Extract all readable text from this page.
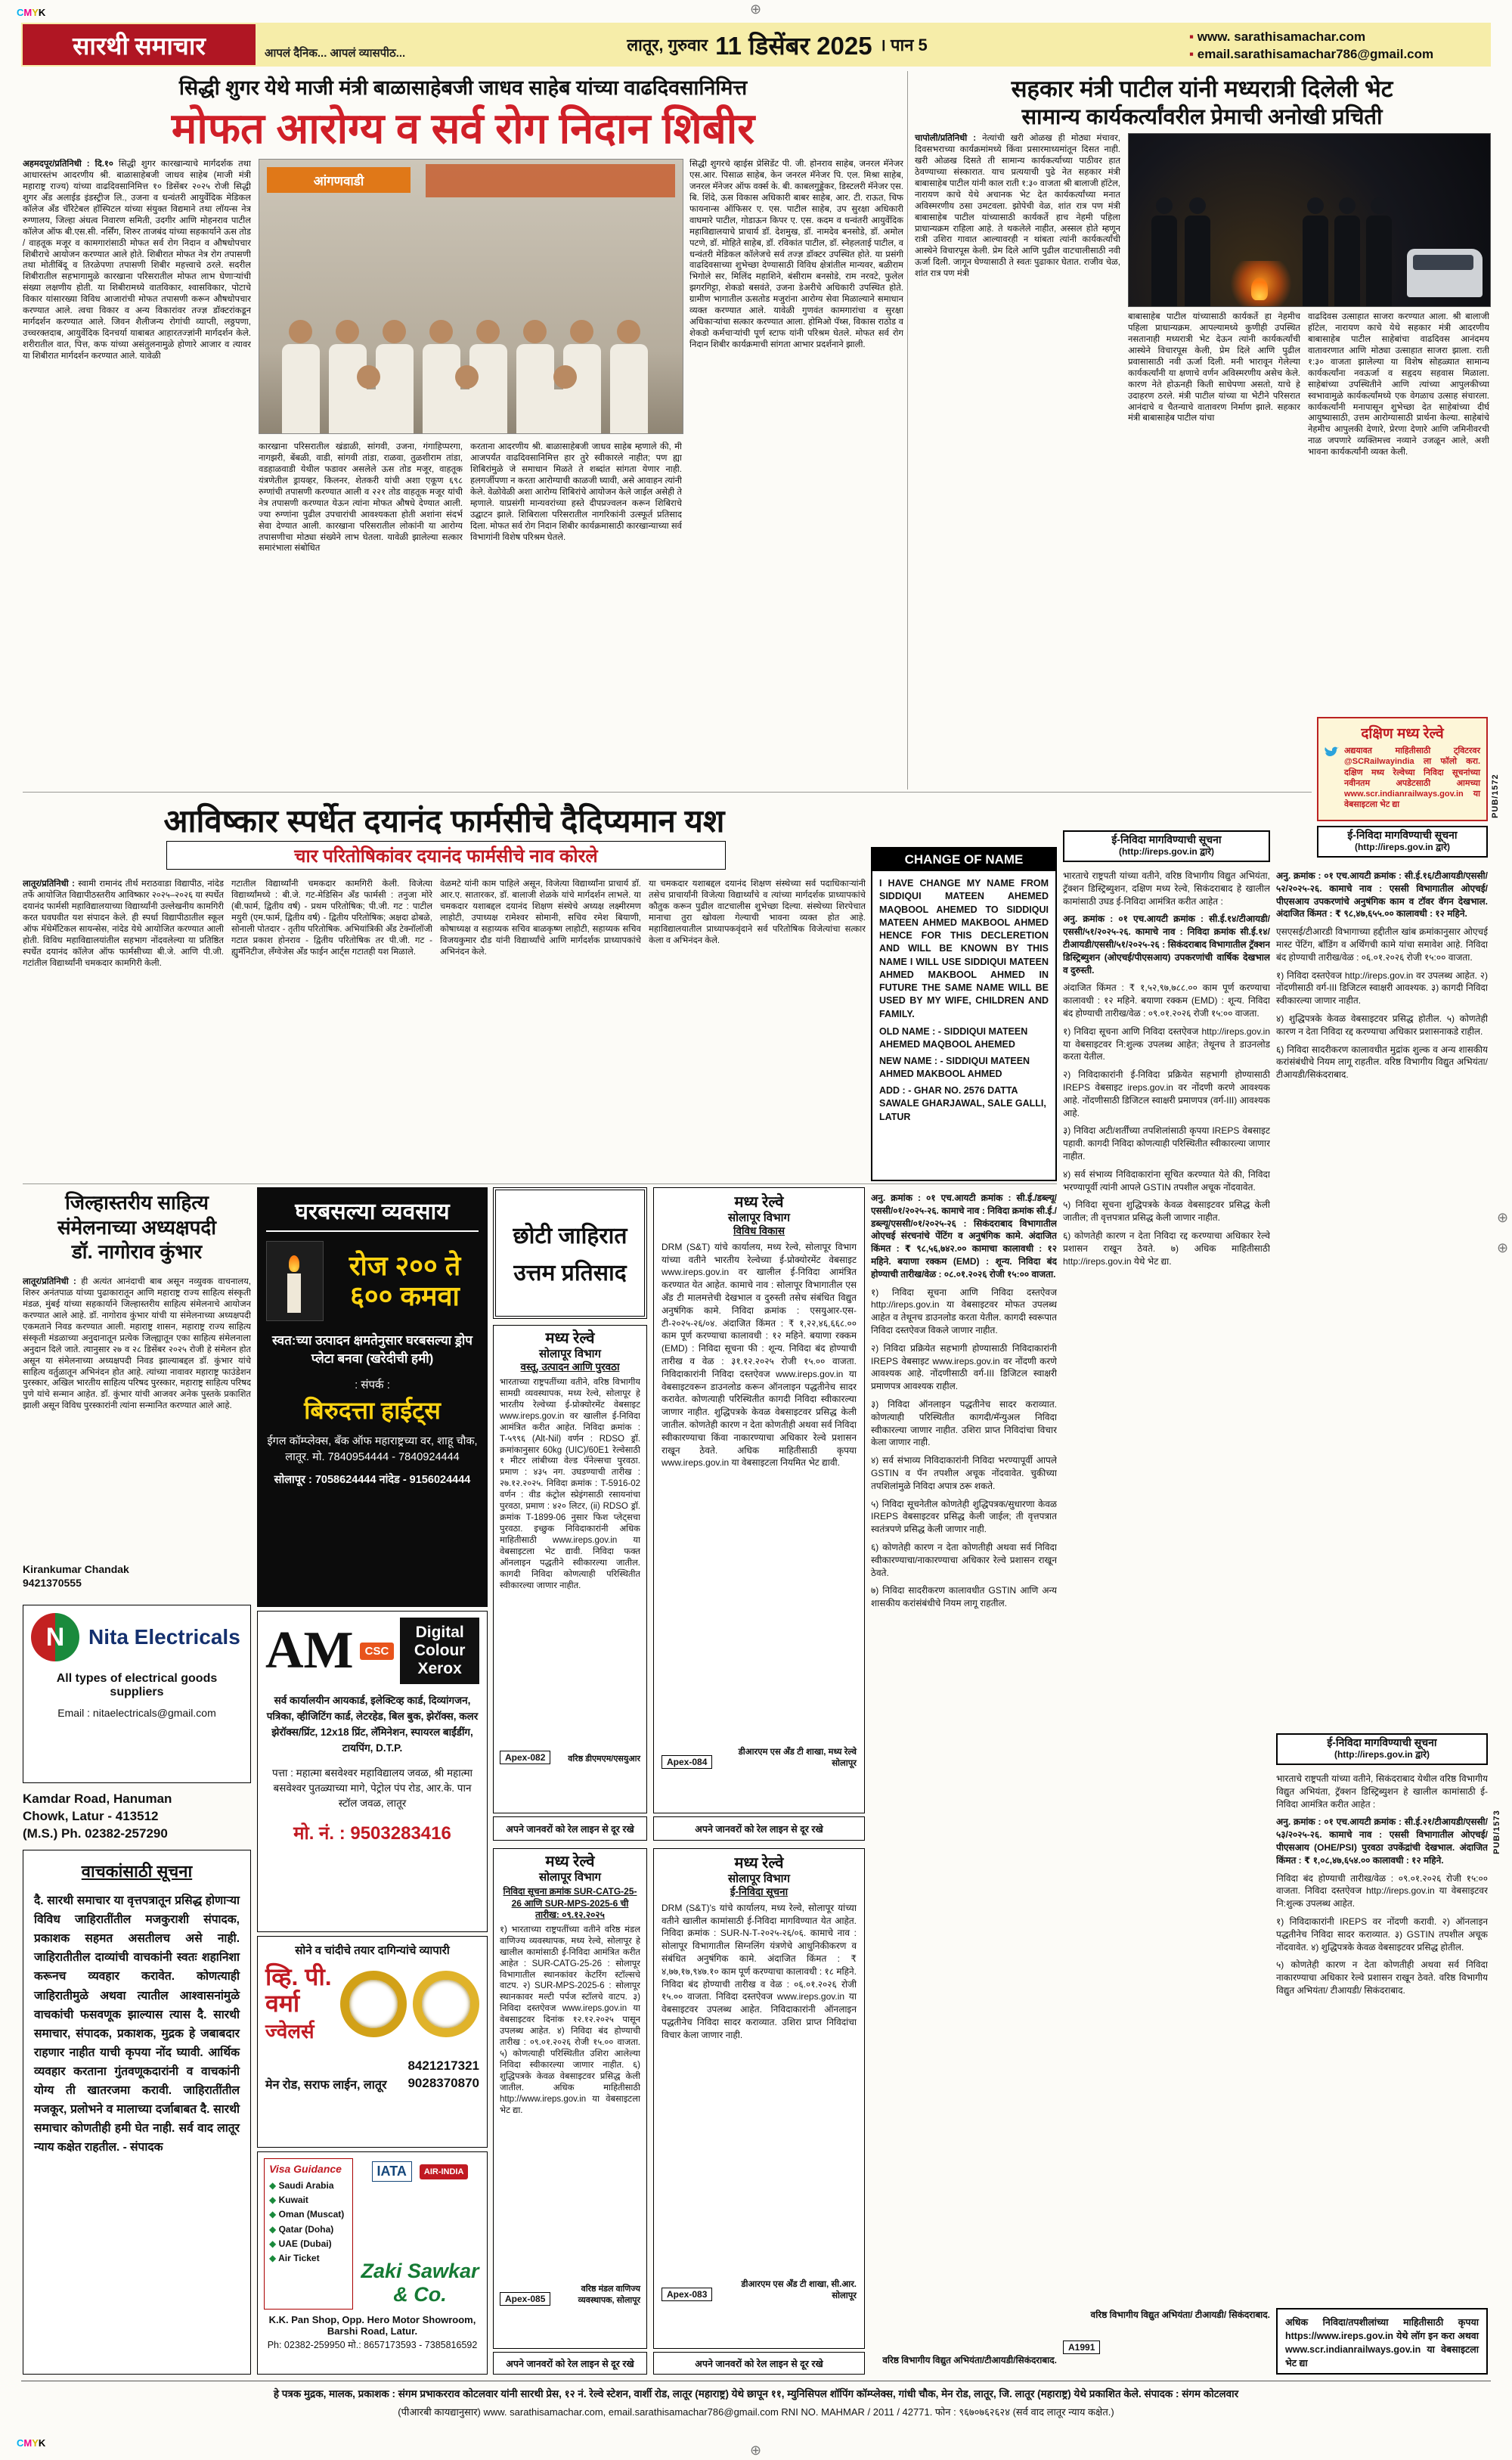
CMYK
CMYK
⊕
⊕
⊕
⊕
सारथी समाचार	आपलं दैनिक... आपलं व्यासपीठ...	लातूर, गुरुवार 11 डिसेंबर 2025 । पान 5	▪ www. sarathisamachar.com
▪ email.sarathisamachar786@gmail.com
सिद्धी शुगर येथे माजी मंत्री बाळासाहेबजी जाधव साहेब यांच्या वाढदिवसानिमित्त
मोफत आरोग्य व सर्व रोग निदान शिबीर
आंगणवाडी
अहमदपूर/प्रतिनिधी : दि.१० सिद्धी शुगर कारखान्याचे मार्गदर्शक तथा आधारस्तंभ आदरणीय श्री. बाळासाहेबजी जाधव साहेब (माजी मंत्री महाराष्ट्र राज्य) यांच्या वाढदिवसानिमित्त १० डिसेंबर २०२५ रोजी सिद्धी शुगर अँड अलाईड इंडस्ट्रीज लि., उजना व धन्वंतरी आयुर्वेदिक मेडिकल कॉलेज अँड चॅरिटेबल हॉस्पिटल यांच्या संयुक्त विद्यमाने तथा लॉयन्स नेत्र रुग्णालय, जिल्हा अंधत्व निवारण समिती, उदगीर आणि मोहनराव पाटील कॉलेज ऑफ बी.एस.सी. नर्सिंग, शिरुर ताजबंद यांच्या सहकार्याने ऊस तोड / वाहतूक मजूर व कामगारांसाठी मोफत सर्व रोग निदान व औषधोपचार शिबीराचे आयोजन करण्यात आले होते. शिबीरात मोफत नेत्र रोग तपासणी तथा मोतीबिंदू व तिरळेपणा तपासणी शिबीर महत्त्वाचे ठरले. सदरील शिबीरातील सहभागामुळे कारखाना परिसरातील मोफत लाभ घेणाऱ्यांची संख्या लक्षणीय होती. या शिबीरामध्ये वातविकार, श्वासविकार, पोटाचे विकार यांसारख्या विविध आजारांची मोफत तपासणी करून औषधोपचार करण्यात आले. त्वचा विकार व अन्य विकारांवर तज्ज्ञ डॉक्टरांकडून मार्गदर्शन करण्यात आले. जिवन शैलीजन्य रोगांची व्याप्ती, लठ्ठपणा, उच्चरक्तदाब, आयुर्वेदिक दिनचर्या याबाबत आहारतज्ज्ञांनी मार्गदर्शन केले. शरीरातील वात, पित्त, कफ यांच्या असंतुलनामुळे होणारे आजार व त्यावर या शिबीरात मार्गदर्शन करण्यात आले. यावेळी
कारखाना परिसरातील खंडाळी, सांगवी, उजना, गंगाहिप्परगा, नागझरी, बेंबळी, वाडी, सांगवी तांडा, राळवा, तुळशीराम तांडा, वडहाळवाडी येथील फडावर असलेले ऊस तोड मजूर, वाहतूक यंत्रणेतील ड्रायव्हर, किलनर, शेतकरी यांची अशा एकूण ६९८ रुग्णांची तपासणी करण्यात आली व २२१ तोड वाहतूक मजूर यांची नेत्र तपासणी करण्यात येऊन त्यांना मोफत औषधे देण्यात आली. ज्या रुग्णांना पुढील उपचारांची आवश्यकता होती अशांना संदर्भ सेवा देण्यात आली. कारखाना परिसरातील लोकांनी या आरोग्य तपासणीचा मोठ्या संख्येने लाभ घेतला. यावेळी झालेल्या सत्कार समारंभाला संबोधित
करताना आदरणीय श्री. बाळासाहेबजी जाधव साहेब म्हणाले की, मी आजपर्यंत वाढदिवसानिमित्त हार तुरे स्वीकारले नाहीत; पण ह्या शिबिरांमुळे जे समाधान मिळते ते शब्दांत सांगता येणार नाही. हलगर्जीपणा न करता आरोग्याची काळजी घ्यावी, असे आवाहन त्यांनी केले. वेळोवेळी अशा आरोग्य शिबिरांचे आयोजन केले जाईल असेही ते म्हणाले. याप्रसंगी मान्यवरांच्या हस्ते दीपप्रज्वलन करून शिबिराचे उद्घाटन झाले. शिबिराला परिसरातील नागरिकांनी उत्स्फूर्त प्रतिसाद दिला. मोफत सर्व रोग निदान शिबीर कार्यक्रमासाठी कारखान्याच्या सर्व विभागांनी विशेष परिश्रम घेतले.
सिद्धी शुगरचे व्हाईस प्रेसिडेंट पी. जी. होनराव साहेब, जनरल मॅनेजर एस.आर. पिसाळ साहेब, केन जनरल मॅनेजर पि. एल. मिश्रा साहेब, जनरल मॅनेजर ऑफ वर्क्स के. बी. काबलगुड्डेकर, डिस्टलरी मॅनेजर एस. बि. शिंदे, ऊस विकास अधिकारी बाबर साहेब, आर. टी. राऊत, चिफ फायनान्स ऑफिसर ए. एस. पाटील साहेब, उप सुरक्षा अधिकारी वाघमारे पाटील, गोडाऊन किपर ए. एस. कदम व धन्वंतरी आयुर्वेदिक महाविद्यालयाचे प्राचार्य डॉ. देशमुख, डॉ. नामदेव बनसोडे, डॉ. अमोल पटणे, डॉ. मोहिते साहेब, डॉ. रविकांत पाटील, डॉ. स्नेहलताई पाटील, व धन्वंतरी मेडिकल कॉलेजचे सर्व तज्ज्ञ डॉक्टर उपस्थित होते. या प्रसंगी वाढदिवसाच्या शुभेच्छा देण्यासाठी विविध क्षेत्रांतील मान्यवर, बळीराम भिगोले सर, मिलिंद महाशिने, बंसीराम बनसोडे, राम नरवटे, फुलेल झगरगिट्टा, शेकडो बसवंते, उजना डेअरीचे अधिकारी उपस्थित होते. ग्रामीण भागातील ऊसतोड मजुरांना आरोग्य सेवा मिळाल्याने समाधान व्यक्त करण्यात आले. यावेळी गुणवंत कामगारांचा व सुरक्षा अधिकाऱ्यांचा सत्कार करण्यात आला. होमिओ पॅथ्स, विकास राठोड व शेकडो कर्मचाऱ्यांची पूर्ण स्टाफ यांनी परिश्रम घेतले. मोफत सर्व रोग निदान शिबीर कार्यक्रमाची सांगता आभार प्रदर्शनाने झाली.
सहकार मंत्री पाटील यांनी मध्यरात्री दिलेली भेट
सामान्य कार्यकर्त्यांवरील प्रेमाची अनोखी प्रचिती
चापोली/प्रतिनिधी : नेत्यांची खरी ओळख ही मोठ्या मंचावर, दिवसभराच्या कार्यक्रमांमध्ये किंवा प्रसारमाध्यमांतून दिसत नाही. खरी ओळख दिसते ती सामान्य कार्यकर्त्याच्या पाठीवर हात ठेवण्याच्या संस्कारात. याच प्रत्ययाची पुढे नेत सहकार मंत्री बाबासाहेब पाटील यांनी काल राती १:३० वाजता श्री बालाजी हॉटेल, नारायण काचे येथे अचानक भेट देत कार्यकर्त्यांच्या मनात अविस्मरणीय ठसा उमटवला. झोपेची वेळ, शांत रात्र पण मंत्री बाबासाहेब पाटील यांच्यासाठी कार्यकर्ते हाच नेहमी पहिला प्राधान्यक्रम राहिला आहे. ते थकलेले नाहीत, अस्सल होते म्हणून रात्री उशिरा गावात आल्यावरही न थांबता त्यांनी कार्यकर्त्यांची आस्थेने विचारपूस केली. प्रेम दिले आणि पुढील वाटचालीसाठी नवी ऊर्जा दिली. जागून घेण्यासाठी ते स्वतः पुढाकार घेतात. राजीव चेळ, शांत रात्र पण मंत्री
बाबासाहेब पाटील यांच्यासाठी कार्यकर्ते हा नेहमीच पहिला प्राधान्यक्रम. आपल्यामध्ये कुणीही उपस्थित नसतानाही मध्यरात्री भेट देऊन त्यांनी कार्यकर्त्यांची आस्थेने विचारपूस केली, प्रेम दिले आणि पुढील प्रवासासाठी नवी ऊर्जा दिली. मनी भारावून गेलेल्या कार्यकर्त्यांनी या क्षणाचे वर्णन अविस्मरणीय असेच केले. कारण नेते होऊनही किती साधेपणा असतो, याचे हे उदाहरण ठरले. मंत्री पाटील यांच्या या भेटीने परिसरात आनंदाचे व चैतन्याचे वातावरण निर्माण झाले. सहकार मंत्री बाबासाहेब पाटील यांचा
वाढदिवस उत्साहात साजरा करण्यात आला. श्री बालाजी हॉटेल, नारायण काचे येथे सहकार मंत्री आदरणीय बाबासाहेब पाटील साहेबांचा वाढदिवस आनंदमय वातावरणात आणि मोठ्या उत्साहात साजरा झाला. राती १:३० वाजता झालेल्या या विशेष सोहळ्यात सामान्य कार्यकर्त्यांना नवऊर्जा व सहृदय सहवास मिळाला. साहेबांच्या उपस्थितीने आणि त्यांच्या आपुलकीच्या स्वभावामुळे कार्यकर्त्यांमध्ये एक वेगळाच उत्साह संचारला. कार्यकर्त्यांनी मनापासून शुभेच्छा देत साहेबांच्या दीर्घ आयुष्यासाठी, उत्तम आरोग्यासाठी प्रार्थना केल्या. साहेबांचे नेहमीच आपुलकी देणारे, प्रेरणा देणारे आणि जमिनीवरची नाळ जपणारे व्यक्तिमत्त्व नव्याने उजळून आले, अशी भावना कार्यकर्त्यांनी व्यक्त केली.
दक्षिण मध्य रेल्वे
अद्ययावत माहितीसाठी ट्विटरवर @SCRailwayindia ला फॉलो करा. दक्षिण मध्य रेल्वेच्या निविदा सूचनांच्या नवीनतम अपडेटसाठी आमच्या www.scr.indianrailways.gov.in या वेबसाइटला भेट द्या	PUB/1572
ई-निविदा मागविण्याची सूचना
(http://ireps.gov.in द्वारे)
आविष्कार स्पर्धेत दयानंद फार्मसीचे दैदिप्यमान यश
चार परितोषिकांवर दयानंद फार्मसीचे नाव कोरले
लातूर/प्रतिनिधी : स्वामी रामानंद तीर्थ मराठवाडा विद्यापीठ, नांदेड तर्फे आयोजित विद्यापीठस्तरीय आविष्कार २०२५–२०२६ या स्पर्धेत दयानंद फार्मसी महाविद्यालयाच्या विद्यार्थ्यांनी उल्लेखनीय कामगिरी करत घवघवीत यश संपादन केले. ही स्पर्धा विद्यापीठातील स्कूल ऑफ मॅथेमॅटिकल सायन्सेस, नांदेड येथे आयोजित करण्यात आली होती. विविध महाविद्यालयांतील सहभाग नोंदवलेल्या या प्रतिष्ठित स्पर्धेत दयानंद कॉलेज ऑफ फार्मसीच्या बी.जे. आणि पी.जी. गटांतील विद्यार्थ्यांनी चमकदार कामगिरी केली.
गटातील विद्यार्थ्यांनी चमकदार कामगिरी केली. विजेत्या विद्यार्थ्यांमध्ये : बी.जे. गट-मेडिसिन अँड फार्मसी : तनुजा मोरे (बी.फार्म, द्वितीय वर्ष) - प्रथम परितोषिक; पी.जी. गट : पाटील मयुरी (एम.फार्म, द्वितीय वर्ष) - द्वितीय परितोषिक; अक्षदा ढोबळे, सोनाली पोतदार - तृतीय परितोषिक. अभियांत्रिकी अँड टेक्नॉलॉजी गटात प्रकाश होनराव - द्वितीय परितोषिक तर पी.जी. गट - ह्युमॅनिटीज, लँग्वेजेस अँड फाईन आर्ट्स गटातही यश मिळाले.
वेळमटे यांनी काम पाहिले असून, विजेत्या विद्यार्थ्यांना प्राचार्य डॉ. आर.ए. सातारकर, डॉ. बालाजी शेळके यांचे मार्गदर्शन लाभले. या चमकदार यशाबद्दल दयानंद शिक्षण संस्थेचे अध्यक्ष लक्ष्मीरमण लाहोटी, उपाध्यक्ष रामेश्वर सोमानी, सचिव रमेश बियाणी, कोषाध्यक्ष व सहाय्यक सचिव बाळकृष्ण लाहोटी, सहाय्यक सचिव विजयकुमार दौड यांनी विद्यार्थ्यांचे आणि मार्गदर्शक प्राध्यापकांचे अभिनंदन केले.
या चमकदार यशाबद्दल दयानंद शिक्षण संस्थेच्या सर्व पदाधिकाऱ्यांनी तसेच प्राचार्यांनी विजेत्या विद्यार्थ्यांचे व त्यांच्या मार्गदर्शक प्राध्यापकांचे कौतुक करून पुढील वाटचालीस शुभेच्छा दिल्या. संस्थेच्या शिरपेचात मानाचा तुरा खोवला गेल्याची भावना व्यक्त होत आहे. महाविद्यालयातील प्राध्यापकवृंदाने सर्व परितोषिक विजेत्यांचा सत्कार केला व अभिनंदन केले.
CHANGE OF NAME
I HAVE CHANGE MY NAME FROM SIDDIQUI MATEEN AHEMED MAQBOOL AHEMED TO SIDDIQUI MATEEN AHMED MAKBOOL AHMED HENCE FOR THIS DECLERETION AND WILL BE KNOWN BY THIS NAME I WILL USE SIDDIQUI MATEEN AHMED MAKBOOL AHMED IN FUTURE THE SAME NAME WILL BE USED BY MY WIFE, CHILDREN AND FAMILY.
OLD NAME : - SIDDIQUI MATEEN AHEMED MAQBOOL AHEMED
NEW NAME : - SIDDIQUI MATEEN AHMED MAKBOOL AHMED
ADD : - GHAR NO. 2576 DATTA SAWALE GHARJAWAL, SALE GALLI, LATUR
जिल्हास्तरीय साहित्य
संमेलनाच्या अध्यक्षपदी
डॉ. नागोराव कुंभार
लातूर/प्रतिनिधी : ही अत्यंत आनंदाची बाब असून नव्युवक वाचनालय, शिरुर अनंतपाळ यांच्या पुढाकारातून आणि महाराष्ट्र राज्य साहित्य संस्कृती मंडळ, मुंबई यांच्या सहकार्याने जिल्हास्तरीय साहित्य संमेलनाचे आयोजन करण्यात आले आहे. डॉ. नागोराव कुंभार यांची या संमेलनाच्या अध्यक्षपदी एकमताने निवड करण्यात आली. महाराष्ट्र शासन, महाराष्ट्र राज्य साहित्य संस्कृती मंडळाच्या अनुदानातून प्रत्येक जिल्ह्यातून एका साहित्य संमेलनाला अनुदान दिले जाते. त्यानुसार २७ व २८ डिसेंबर २०२५ रोजी हे संमेलन होत असून या संमेलनाच्या अध्यक्षपदी निवड झाल्याबद्दल डॉ. कुंभार यांचे साहित्य वर्तुळातून अभिनंदन होत आहे. त्यांच्या नावावर महाराष्ट्र फाउंडेशन पुरस्कार, अखिल भारतीय साहित्य परिषद पुरस्कार, महाराष्ट्र साहित्य परिषद पुणे यांचे सन्मान आहेत. डॉ. कुंभार यांची आजवर अनेक पुस्तके प्रकाशित झाली असून विविध पुरस्कारांनी त्यांना सन्मानित करण्यात आले आहे.
Kirankumar Chandak
9421370555
N Nita Electricals
All types of electrical goods suppliers
Email : nitaelectricals@gmail.com
Kamdar Road, Hanuman
Chowk, Latur - 413512
(M.S.) Ph. 02382-257290
वाचकांसाठी सूचना
दै. सारथी समाचार या वृत्तपत्रातून प्रसिद्ध होणाऱ्या विविध जाहिरातींतील मजकुराशी संपादक, प्रकाशक सहमत असतीलच असे नाही. जाहिरातीतील दाव्यांची वाचकांनी स्वतः शहानिशा करूनच व्यवहार करावेत. कोणत्याही जाहिरातीमुळे अथवा त्यातील आश्वासनांमुळे वाचकांची फसवणूक झाल्यास त्यास दै. सारथी समाचार, संपादक, प्रकाशक, मुद्रक हे जबाबदार राहणार नाहीत याची कृपया नोंद घ्यावी. आर्थिक व्यवहार करताना गुंतवणूकदारांनी व वाचकांनी योग्य ती खातरजमा करावी. जाहिरातींतील मजकूर, प्रलोभने व मालाच्या दर्जाबाबत दै. सारथी समाचार कोणतीही हमी घेत नाही. सर्व वाद लातूर न्याय कक्षेत राहतील. - संपादक
घरबसल्या व्यवसाय
रोज २०० ते
६०० कमवा
स्वत:च्या उत्पादन क्षमतेनुसार घरबसल्या ड्रोप प्लेटा बनवा (खरेदीची हमी)
: संपर्क :
बिरुदत्ता हाईट्स
ईगल कॉम्प्लेक्स, बँक ऑफ महाराष्ट्रच्या वर, शाहू चौक, लातूर. मो. 7840954444 - 7840924444
सोलापूर : 7058624444 नांदेड - 9156024444
AM	CSC
Digital Colour Xerox
सर्व कार्यालयीन आयकार्ड, इलेक्टिव्ह कार्ड, दिव्यांगजन, पत्रिका, व्हीजिटिंग कार्ड, लेटरहेड, बिल बुक, झेरॉक्स, कलर झेरॉक्स/प्रिंट, 12x18 प्रिंट, लॅमिनेशन, स्पायरल बाईंडींग, टायपिंग, D.T.P.
पत्ता : महात्मा बसवेश्वर महाविद्यालय जवळ, श्री महात्मा बसवेश्वर पुतळ्याच्या मागे, पेट्रोल पंप रोड, आर.के. पान स्टॉल जवळ, लातूर
मो. नं. : 9503283416
सोने व चांदीचे तयार दागिन्यांचे व्यापारी
व्हि. पी. वर्मा
ज्वेलर्स
मेन रोड, सराफ लाईन, लातूर
8421217321
9028370870
Visa Guidance
◆ Saudi Arabia
◆ Kuwait
◆ Oman (Muscat)
◆ Qatar (Doha)
◆ UAE (Dubai)
◆ Air Ticket
IATA	AIR-INDIA
Zaki Sawkar & Co.
K.K. Pan Shop, Opp. Hero Motor Showroom, Barshi Road, Latur.
Ph: 02382-259950 मो.: 8657173593 - 7385816592
छोटी जाहिरात
उत्तम प्रतिसाद
मध्य रेल्वे
सोलापूर विभाग
वस्तू, उत्पादन आणि पुरवठा
भारताच्या राष्ट्रपतींच्या वतीने, वरिष्ठ विभागीय सामग्री व्यवस्थापक, मध्य रेल्वे, सोलापूर हे भारतीय रेल्वेच्या ई-प्रोक्योरमेंट वेबसाइट www.ireps.gov.in वर खालील ई-निविदा आमंत्रित करीत आहेत. निविदा क्रमांक : T-५९९६ (Alt-Nil) वर्णन : RDSO ड्रॉ. क्रमांकानुसार 60kg (UIC)/60E1 रेल्वेसाठी १ मीटर लांबीच्या वेल्ड पॅनेल्सचा पुरवठा. प्रमाण : ४३५ नग. उघडण्याची तारीख : २७.१२.२०२५. निविदा क्रमांक : T-5916-02 वर्णन : वीड कंट्रोल स्प्रेइंगसाठी रसायनांचा पुरवठा, प्रमाण : ४२० लिटर, (ii) RDSO ड्रॉ. क्रमांक T-1899-06 नुसार फिश प्लेट्सचा पुरवठा. इच्छुक निविदाकारांनी अधिक माहितीसाठी www.ireps.gov.in या वेबसाइटला भेट द्यावी. निविदा फक्त ऑनलाइन पद्धतीने स्वीकारल्या जातील. कागदी निविदा कोणत्याही परिस्थितीत स्वीकारल्या जाणार नाहीत.
Apex-082	वरिष्ठ डीएमएम/एसयुआर
अपने जानवरों को रेल लाइन से दूर रखे
मध्य रेल्वे
सोलापूर विभाग
निविदा सूचना क्रमांक SUR-CATG-25-26 आणि SUR-MPS-2025-6 ची तारीख: ०९.१२.२०२५
१) भारताच्या राष्ट्रपतींच्या वतीने वरिष्ठ मंडल वाणिज्य व्यवस्थापक, मध्य रेल्वे, सोलापूर हे खालील कामांसाठी ई-निविदा आमंत्रित करीत आहेत : SUR-CATG-25-26 : सोलापूर विभागातील स्थानकांवर केटरिंग स्टॉल्सचे वाटप. २) SUR-MPS-2025-6 : सोलापूर स्थानकावर मल्टी पर्पज स्टॉलचे वाटप. ३) निविदा दस्तऐवज www.ireps.gov.in या वेबसाइटवर दिनांक १२.१२.२०२५ पासून उपलब्ध आहेत. ४) निविदा बंद होण्याची तारीख : ०९.०१.२०२६ रोजी १५.०० वाजता. ५) कोणत्याही परिस्थितीत उशिरा आलेल्या निविदा स्वीकारल्या जाणार नाहीत. ६) शुद्धिपत्रके केवळ वेबसाइटवर प्रसिद्ध केली जातील. अधिक माहितीसाठी http://www.ireps.gov.in या वेबसाइटला भेट द्या.
Apex-085
वरिष्ठ मंडल वाणिज्य व्यवस्थापक, सोलापूर
अपने जानवरों को रेल लाइन से दूर रखे
मध्य रेल्वे
सोलापूर विभाग
विविध विकास
DRM (S&T) यांचे कार्यालय, मध्य रेल्वे, सोलापूर विभाग यांच्या वतीने भारतीय रेल्वेच्या ई-प्रोक्योरमेंट वेबसाइट www.ireps.gov.in वर खालील ई-निविदा आमंत्रित करण्यात येत आहेत. कामाचे नाव : सोलापूर विभागातील एस अँड टी मालमत्तेची देखभाल व दुरुस्ती तसेच संबंधित विद्युत अनुषंगिक कामे. निविदा क्रमांक : एसयुआर-एस-टी-२०२५-२६/०४. अंदाजित किंमत : ₹ १,२२,४६,६६८.०० काम पूर्ण करण्याचा कालावधी : १२ महिने. बयाणा रक्कम (EMD) : निविदा सूचना फी : शून्य. निविदा बंद होण्याची तारीख व वेळ : ३१.१२.२०२५ रोजी १५.०० वाजता. निविदाकारांनी निविदा दस्तऐवज www.ireps.gov.in या वेबसाइटवरून डाउनलोड करून ऑनलाइन पद्धतीनेच सादर करावेत. कोणत्याही परिस्थितीत कागदी निविदा स्वीकारल्या जाणार नाहीत. शुद्धिपत्रके केवळ वेबसाइटवर प्रसिद्ध केली जातील. कोणतेही कारण न देता कोणतीही अथवा सर्व निविदा स्वीकारण्याचा किंवा नाकारण्याचा अधिकार रेल्वे प्रशासन राखून ठेवते. अधिक माहितीसाठी कृपया www.ireps.gov.in या वेबसाइटला नियमित भेट द्यावी.
Apex-084
डीआरएम एस अँड टी शाखा, मध्य रेल्वे सोलापूर
अपने जानवरों को रेल लाइन से दूर रखे
मध्य रेल्वे
सोलापूर विभाग
ई-निविदा सूचना
DRM (S&T)'s यांचे कार्यालय, मध्य रेल्वे, सोलापूर यांच्या वतीने खालील कामांसाठी ई-निविदा मागविण्यात येत आहेत. निविदा क्रमांक : SUR-N-T-२०२५-२६/०६. कामाचे नाव : सोलापूर विभागातील सिग्नलिंग यंत्रणेचे आधुनिकीकरण व संबंधित अनुषंगिक कामे. अंदाजित किंमत : ₹ ४,७७,१७,९४७.१० काम पूर्ण करण्याचा कालावधी : १८ महिने. निविदा बंद होण्याची तारीख व वेळ : ०६.०१.२०२६ रोजी १५.०० वाजता. निविदा दस्तऐवज www.ireps.gov.in या वेबसाइटवर उपलब्ध आहेत. निविदाकारांनी ऑनलाइन पद्धतीनेच निविदा सादर कराव्यात. उशिरा प्राप्त निविदांचा विचार केला जाणार नाही.
Apex-083
डीआरएम एस अँड टी शाखा, सी.आर. सोलापूर
अपने जानवरों को रेल लाइन से दूर रखे

अनु. क्रमांक : ०१ एच.आयटी क्रमांक : सी.ई./डब्ल्यू/एससी/०१/२०२५-२६. कामाचे नाव : निविदा क्रमांक सी.ई./डब्ल्यू/एससी/०१/२०२५-२६ : सिकंदराबाद विभागातील ओएचई संरचनांचे पेंटिंग व अनुषंगिक कामे. अंदाजित किंमत : ₹ ९८,५६,७४२.०० कामाचा कालावधी : १२ महिने. बयाणा रक्कम (EMD) : शून्य. निविदा बंद होण्याची तारीख/वेळ : ०८.०१.२०२६ रोजी १५:०० वाजता.

१) निविदा सूचना आणि निविदा दस्तऐवज http://ireps.gov.in या वेबसाइटवर मोफत उपलब्ध आहेत व तेथूनच डाउनलोड करता येतील. कागदी स्वरूपात निविदा दस्तऐवज विकले जाणार नाहीत.

२) निविदा प्रक्रियेत सहभागी होण्यासाठी निविदाकारांनी IREPS वेबसाइट www.ireps.gov.in वर नोंदणी करणे आवश्यक आहे. नोंदणीसाठी वर्ग-III डिजिटल स्वाक्षरी प्रमाणपत्र आवश्यक राहील.

३) निविदा ऑनलाइन पद्धतीनेच सादर कराव्यात. कोणत्याही परिस्थितीत कागदी/मॅन्युअल निविदा स्वीकारल्या जाणार नाहीत. उशिरा प्राप्त निविदांचा विचार केला जाणार नाही.

४) सर्व संभाव्य निविदाकारांनी निविदा भरण्यापूर्वी आपले GSTIN व पॅन तपशील अचूक नोंदवावेत. चुकीच्या तपशिलांमुळे निविदा अपात्र ठरू शकते.

५) निविदा सूचनेतील कोणतेही शुद्धिपत्रक/सुधारणा केवळ IREPS वेबसाइटवर प्रसिद्ध केली जाईल; ती वृत्तपत्रात स्वतंत्रपणे प्रसिद्ध केली जाणार नाही.

६) कोणतेही कारण न देता कोणतीही अथवा सर्व निविदा स्वीकारण्याचा/नाकारण्याचा अधिकार रेल्वे प्रशासन राखून ठेवते.

७) निविदा सादरीकरण कालावधीत GSTIN आणि अन्य शासकीय करांसंबंधीचे नियम लागू राहतील.

वरिष्ठ विभागीय विद्युत अभियंता/टीआयडी/सिकंदराबाद.
ई-निविदा मागविण्याची सूचना
(http://ireps.gov.in द्वारे)

भारताचे राष्ट्रपती यांच्या वतीने, वरिष्ठ विभागीय विद्युत अभियंता, ट्रॅक्शन डिस्ट्रिब्युशन, दक्षिण मध्य रेल्वे, सिकंदराबाद हे खालील कामांसाठी उघड ई-निविदा आमंत्रित करीत आहेत :

अनु. क्रमांक : ०१ एच.आयटी क्रमांक : सी.ई.१४/टीआयडी/एससी/५१/२०२५-२६. कामाचे नाव : निविदा क्रमांक सी.ई.१४/टीआयडी/एससी/५१/२०२५-२६ : सिकंदराबाद विभागातील ट्रॅक्शन डिस्ट्रिब्युशन (ओएचई/पीएसआय) उपकरणांची वार्षिक देखभाल व दुरुस्ती.

अंदाजित किंमत : ₹ १,५२,९७,७८८.०० काम पूर्ण करण्याचा कालावधी : १२ महिने. बयाणा रक्कम (EMD) : शून्य. निविदा बंद होण्याची तारीख/वेळ : ०९.०१.२०२६ रोजी १५:०० वाजता.

१) निविदा सूचना आणि निविदा दस्तऐवज http://ireps.gov.in या वेबसाइटवर नि:शुल्क उपलब्ध आहेत; तेथूनच ते डाउनलोड करता येतील.

२) निविदाकारांनी ई-निविदा प्रक्रियेत सहभागी होण्यासाठी IREPS वेबसाइट ireps.gov.in वर नोंदणी करणे आवश्यक आहे. नोंदणीसाठी डिजिटल स्वाक्षरी प्रमाणपत्र (वर्ग-III) आवश्यक आहे.

३) निविदा अटी/शर्तींच्या तपशिलांसाठी कृपया IREPS वेबसाइट पहावी. कागदी निविदा कोणत्याही परिस्थितीत स्वीकारल्या जाणार नाहीत.

४) सर्व संभाव्य निविदाकारांना सूचित करण्यात येते की, निविदा भरण्यापूर्वी त्यांनी आपले GSTIN तपशील अचूक नोंदवावेत.

५) निविदा सूचना शुद्धिपत्रके केवळ वेबसाइटवर प्रसिद्ध केली जातील; ती वृत्तपत्रात प्रसिद्ध केली जाणार नाहीत.

६) कोणतेही कारण न देता निविदा रद्द करण्याचा अधिकार रेल्वे प्रशासन राखून ठेवते. ७) अधिक माहितीसाठी http://ireps.gov.in येथे भेट द्या.

वरिष्ठ विभागीय विद्युत अभियंता/ टीआयडी/ सिकंदराबाद.
A1991

अनु. क्रमांक : ०१ एच.आयटी क्रमांक : सी.ई.१६/टीआयडी/एससी/५२/२०२५-२६. कामाचे नाव : एससी विभागातील ओएचई/पीएसआय उपकरणांचे अनुषंगिक काम व टॉवर वॅगन देखभाल. अंदाजित किंमत : ₹ ९८,४७,६५५.०० कालावधी : १२ महिने.

एसएसई/टीआरडी विभागाच्या हद्दीतील खांब क्रमांकानुसार ओएचई मास्ट पेंटिंग, बाँडिंग व अर्थिंगची कामे यांचा समावेश आहे. निविदा बंद होण्याची तारीख/वेळ : ०६.०१.२०२६ रोजी १५:०० वाजता.

१) निविदा दस्तऐवज http://ireps.gov.in वर उपलब्ध आहेत. २) नोंदणीसाठी वर्ग-III डिजिटल स्वाक्षरी आवश्यक. ३) कागदी निविदा स्वीकारल्या जाणार नाहीत.

४) शुद्धिपत्रके केवळ वेबसाइटवर प्रसिद्ध होतील. ५) कोणतेही कारण न देता निविदा रद्द करण्याचा अधिकार प्रशासनाकडे राहील.

६) निविदा सादरीकरण कालावधीत मुद्रांक शुल्क व अन्य शासकीय करांसंबंधीचे नियम लागू राहतील. वरिष्ठ विभागीय विद्युत अभियंता/टीआयडी/सिकंदराबाद.

ई-निविदा मागविण्याची सूचना
(http://ireps.gov.in द्वारे)

भारताचे राष्ट्रपती यांच्या वतीने, सिकंदराबाद येथील वरिष्ठ विभागीय विद्युत अभियंता, ट्रॅक्शन डिस्ट्रिब्युशन हे खालील कामांसाठी ई-निविदा आमंत्रित करीत आहेत :

अनु. क्रमांक : ०१ एच.आयटी क्रमांक : सी.ई.२१/टीआयडी/एससी/५३/२०२५-२६. कामाचे नाव : एससी विभागातील ओएचई/पीएसआय (OHE/PSI) पुरवठा उपकेंद्रांची देखभाल. अंदाजित किंमत : ₹ १,०८,४७,६५४.०० कालावधी : १२ महिने.

निविदा बंद होण्याची तारीख/वेळ : ०९.०१.२०२६ रोजी १५:०० वाजता. निविदा दस्तऐवज http://ireps.gov.in या वेबसाइटवर नि:शुल्क उपलब्ध आहेत.

१) निविदाकारांनी IREPS वर नोंदणी करावी. २) ऑनलाइन पद्धतीनेच निविदा सादर कराव्यात. ३) GSTIN तपशील अचूक नोंदवावेत. ४) शुद्धिपत्रके केवळ वेबसाइटवर प्रसिद्ध होतील.

५) कोणतेही कारण न देता कोणतीही अथवा सर्व निविदा नाकारण्याचा अधिकार रेल्वे प्रशासन राखून ठेवते. वरिष्ठ विभागीय विद्युत अभियंता/ टीआयडी/ सिकंदराबाद.

अधिक निविदा/तपशीलांच्या माहितीसाठी कृपया https://www.ireps.gov.in येथे लॉग इन करा अथवा www.scr.indianrailways.gov.in या वेबसाइटला भेट द्या
PUB/1573
हे पत्रक मुद्रक, मालक, प्रकाशक : संगम प्रभाकरराव कोटलवार यांनी सारथी प्रेस, १२ नं. रेल्वे स्टेशन, वार्शी रोड, लातूर (महाराष्ट्र) येथे छापून ११, म्युनिसिपल शॉपिंग कॉम्प्लेक्स, गांधी चौक, मेन रोड, लातूर, जि. लातूर (महाराष्ट्र) येथे प्रकाशित केले. संपादक : संगम कोटलवार
(पीआरबी कायद्यानुसार) www. sarathisamachar.com, email.sarathisamachar786@gmail.com RNI NO. MAHMAR / 2011 / 42771. फोन : ९६७०७६२६२४ (सर्व वाद लातूर न्याय कक्षेत.)
